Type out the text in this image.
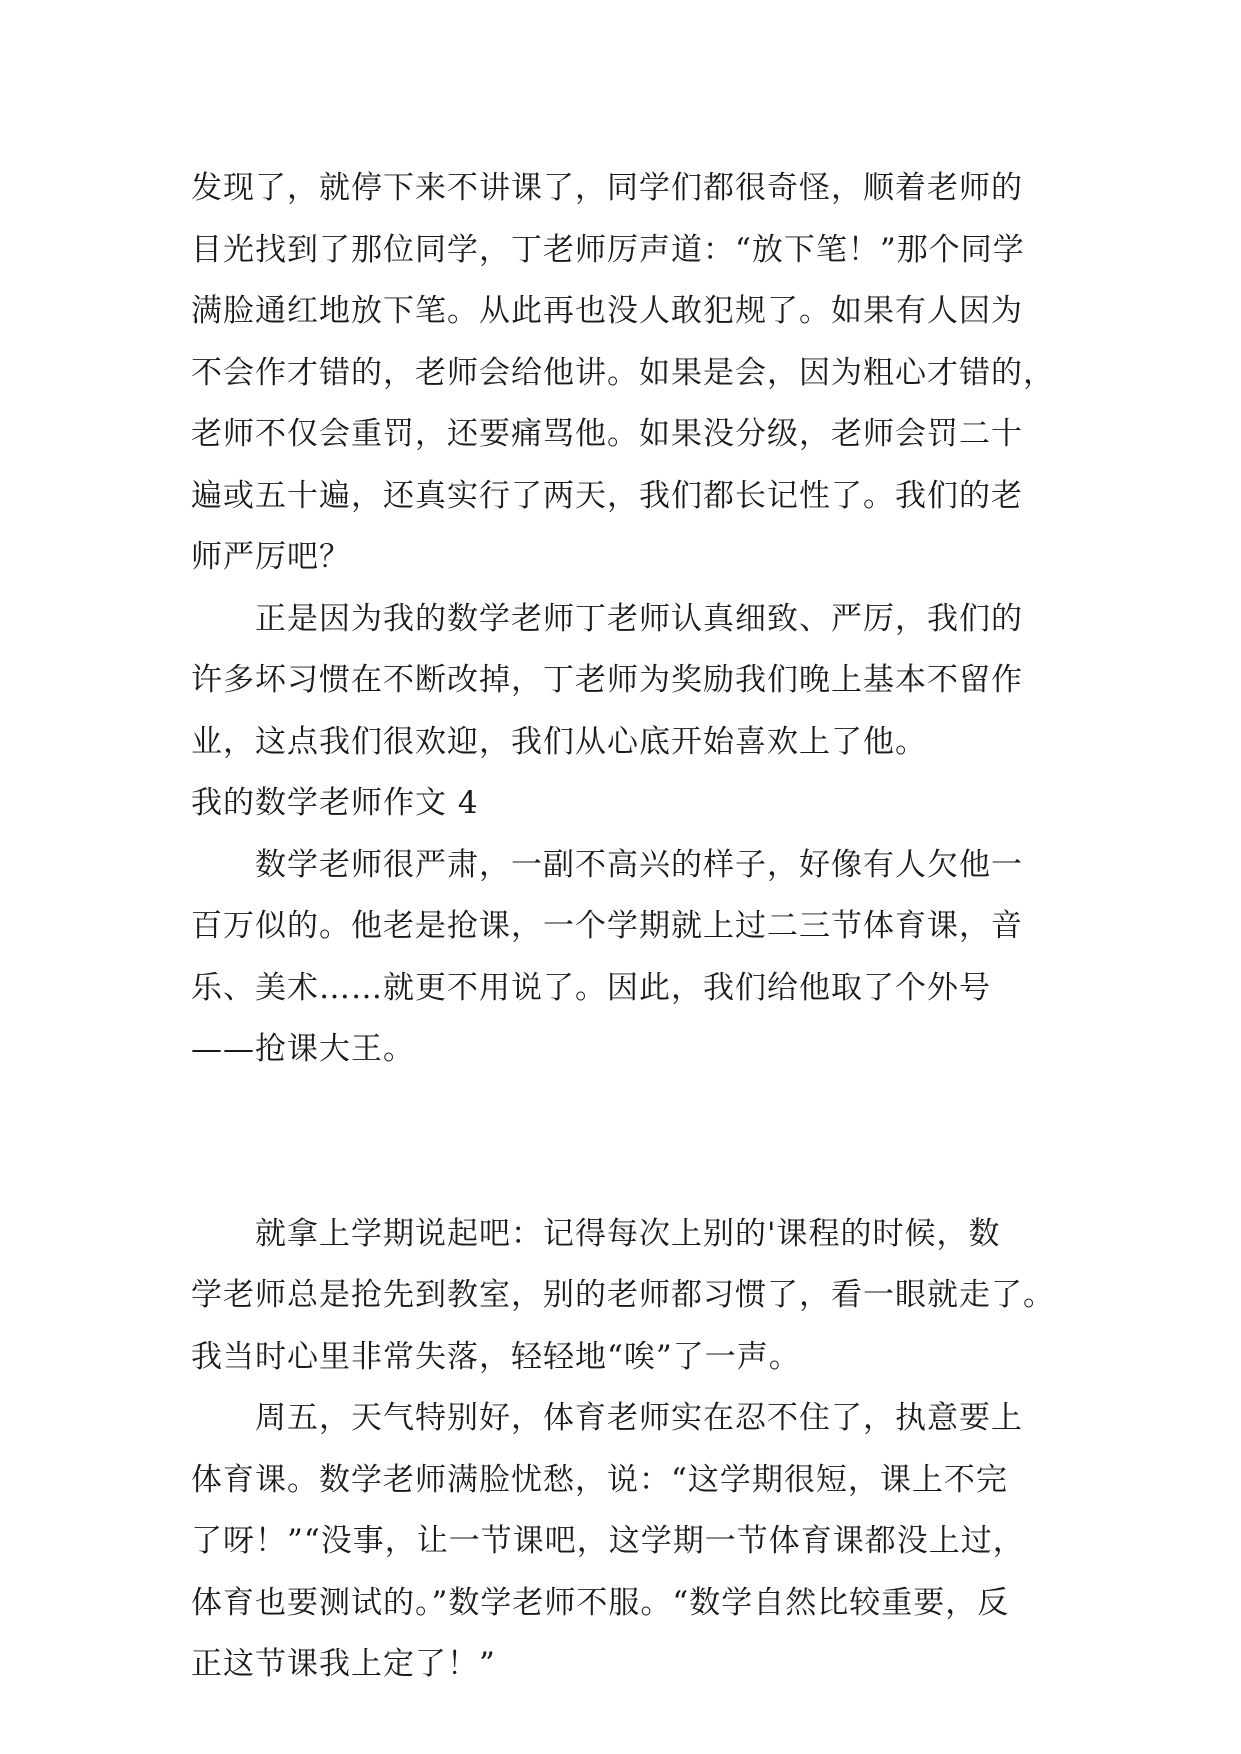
发现了，就停下来不讲课了，同学们都很奇怪，顺着老师的
目光找到了那位同学，丁老师厉声道：“放下笔！”那个同学
满脸通红地放下笔。从此再也没人敢犯规了。如果有人因为
不会作才错的，老师会给他讲。如果是会，因为粗心才错的，
老师不仅会重罚，还要痛骂他。如果没分级，老师会罚二十
遍或五十遍，还真实行了两天，我们都长记性了。我们的老
师严厉吧？
正是因为我的数学老师丁老师认真细致、严厉，我们的
许多坏习惯在不断改掉，丁老师为奖励我们晚上基本不留作
业，这点我们很欢迎，我们从心底开始喜欢上了他。
我的数学老师作文 4
数学老师很严肃，一副不高兴的样子，好像有人欠他一
百万似的。他老是抢课，一个学期就上过二三节体育课，音
乐、美术……就更不用说了。因此，我们给他取了个外号
——抢课大王。
就拿上学期说起吧：记得每次上别的'课程的时候，数
学老师总是抢先到教室，别的老师都习惯了，看一眼就走了。
我当时心里非常失落，轻轻地“唉”了一声。
周五，天气特别好，体育老师实在忍不住了，执意要上
体育课。数学老师满脸忧愁，说：“这学期很短，课上不完
了呀！”“没事，让一节课吧，这学期一节体育课都没上过，
体育也要测试的。”数学老师不服。“数学自然比较重要，反
正这节课我上定了！”
